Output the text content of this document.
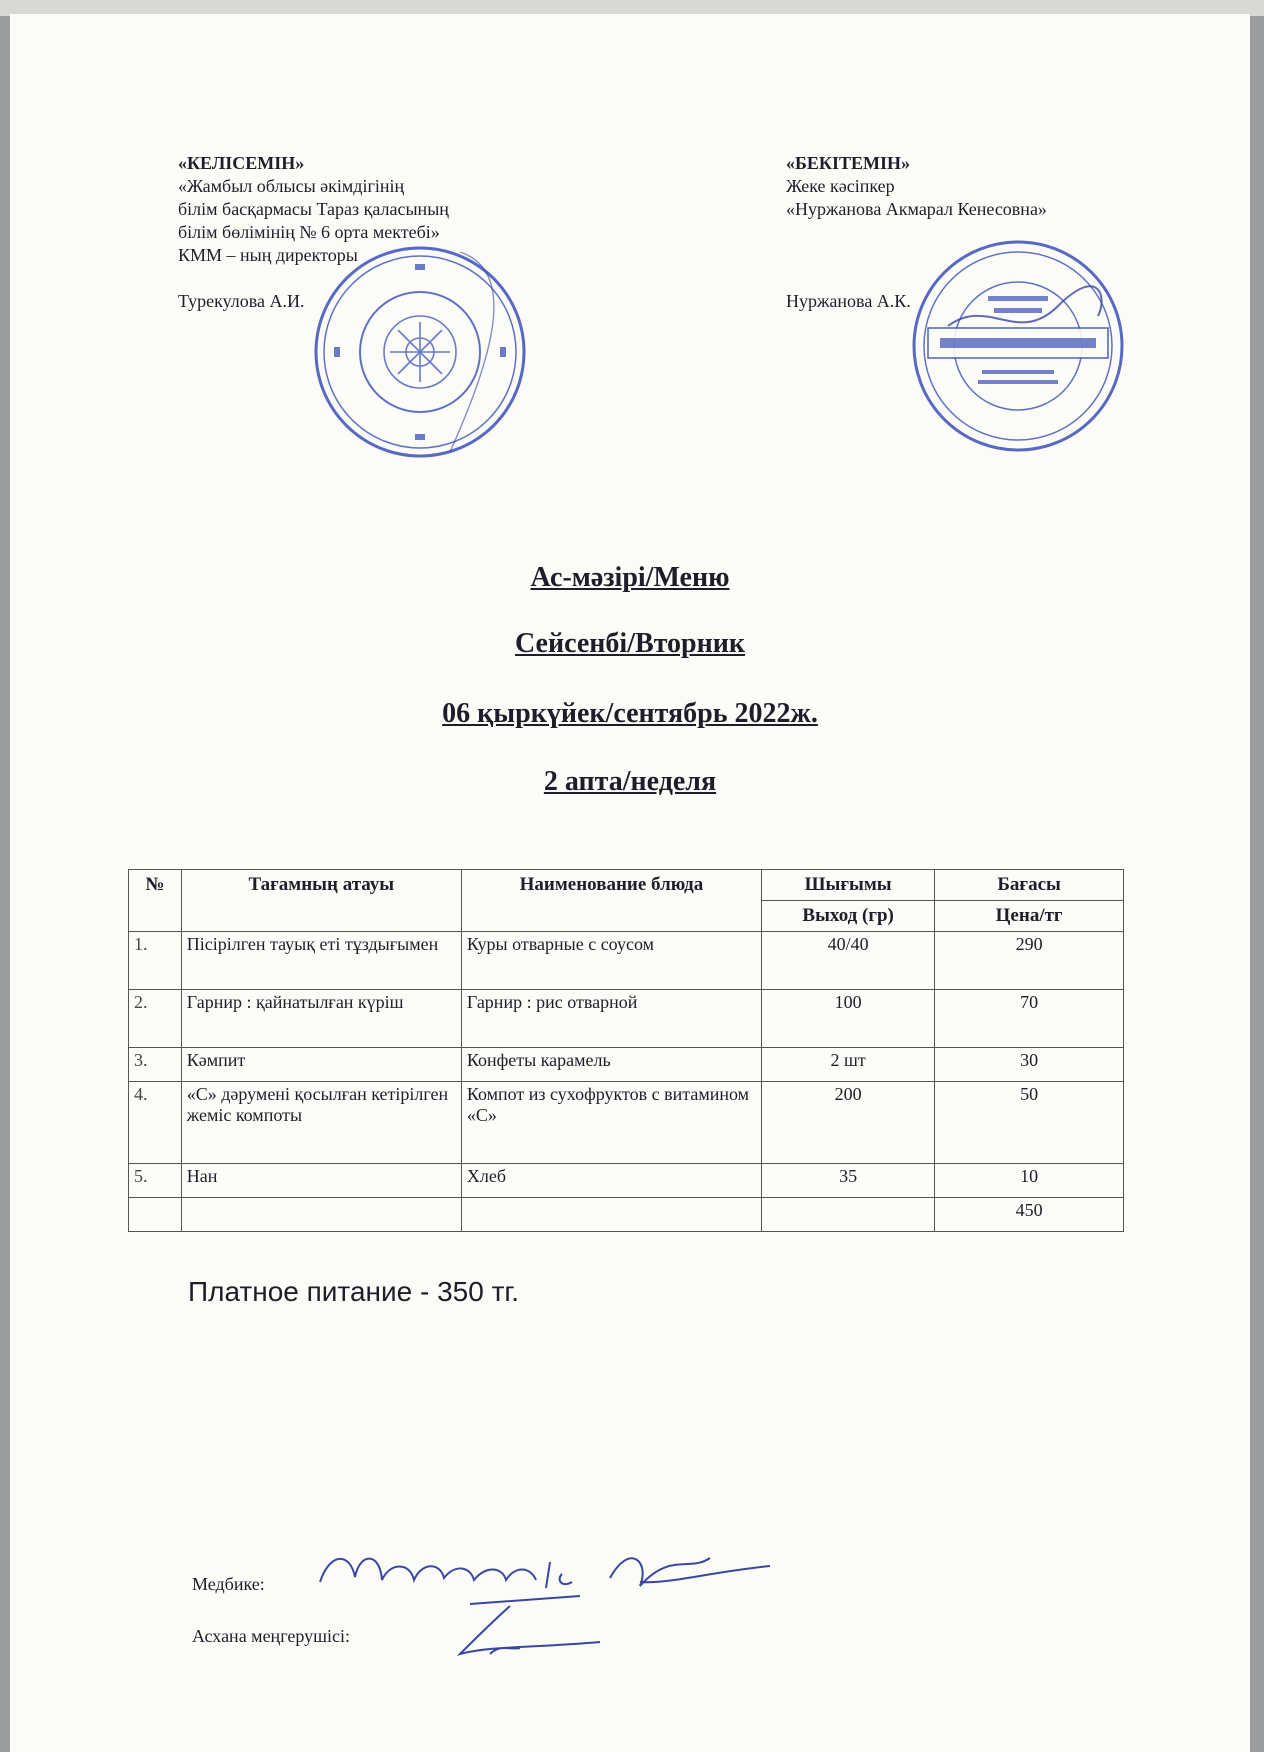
«КЕЛІСЕМІН»

«Жамбыл облысы әкімдігінің

білім басқармасы Тараз қаласының

білім бөлімінің № 6 орта мектебі»

КММ – ның директоры

Турекулова А.И.

«БЕКІТЕМІН»

Жеке кәсіпкер

«Нуржанова Акмарал Кенесовна»

Нуржанова А.К.

Ас-мәзірі/Меню
Сейсенбі/Вторник
06 қыркүйек/сентябрь 2022ж.
2 апта/неделя
№	Тағамның атауы	Наименование блюда	Шығымы	Бағасы
			Выход (гр)	Цена/тг
1.	Пісірілген тауық еті тұздығымен	Куры отварные с соусом	40/40	290
2.	Гарнир : қайнатылған күріш	Гарнир : рис отварной	100	70
3.	Кәмпит	Конфеты карамель	2 шт	30
4.	«С» дәрумені қосылған кетірілген жеміс компоты	Компот из сухофруктов с витамином «С»	200	50
5.	Нан	Хлеб	35	10
				450
Платное питание - 350 тг.
Медбике:
Асхана меңгерушісі:
